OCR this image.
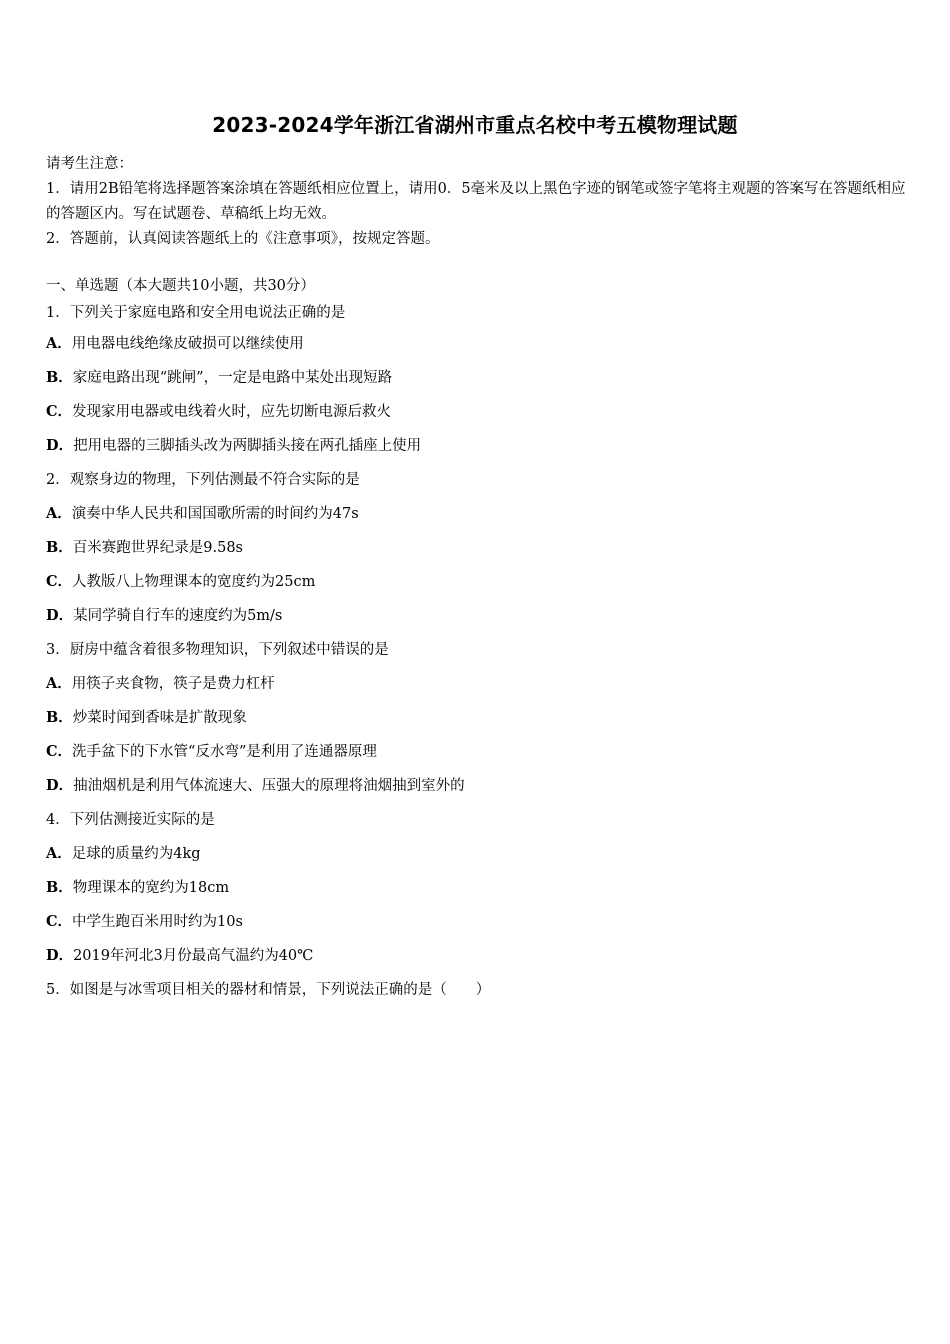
2023-2024学年浙江省湖州市重点名校中考五模物理试题
请考生注意：
1．请用2B铅笔将选择题答案涂填在答题纸相应位置上，请用0．5毫米及以上黑色字迹的钢笔或签字笔将主观题的答案写在答题纸相应的答题区内。写在试题卷、草稿纸上均无效。
2．答题前，认真阅读答题纸上的《注意事项》，按规定答题。
一、单选题（本大题共10小题，共30分）
1．下列关于家庭电路和安全用电说法正确的是
A．用电器电线绝缘皮破损可以继续使用
B．家庭电路出现“跳闸”，一定是电路中某处出现短路
C．发现家用电器或电线着火时，应先切断电源后救火
D．把用电器的三脚插头改为两脚插头接在两孔插座上使用
2．观察身边的物理，下列估测最不符合实际的是
A．演奏中华人民共和国国歌所需的时间约为47s
B．百米赛跑世界纪录是9.58s
C．人教版八上物理课本的宽度约为25cm
D．某同学骑自行车的速度约为5m/s
3．厨房中蕴含着很多物理知识，下列叙述中错误的是
A．用筷子夹食物，筷子是费力杠杆
B．炒菜时闻到香味是扩散现象
C．洗手盆下的下水管“反水弯”是利用了连通器原理
D．抽油烟机是利用气体流速大、压强大的原理将油烟抽到室外的
4．下列估测接近实际的是
A．足球的质量约为4kg
B．物理课本的宽约为18cm
C．中学生跑百米用时约为10s
D．2019年河北3月份最高气温约为40℃
5．如图是与冰雪项目相关的器材和情景，下列说法正确的是（　　）
